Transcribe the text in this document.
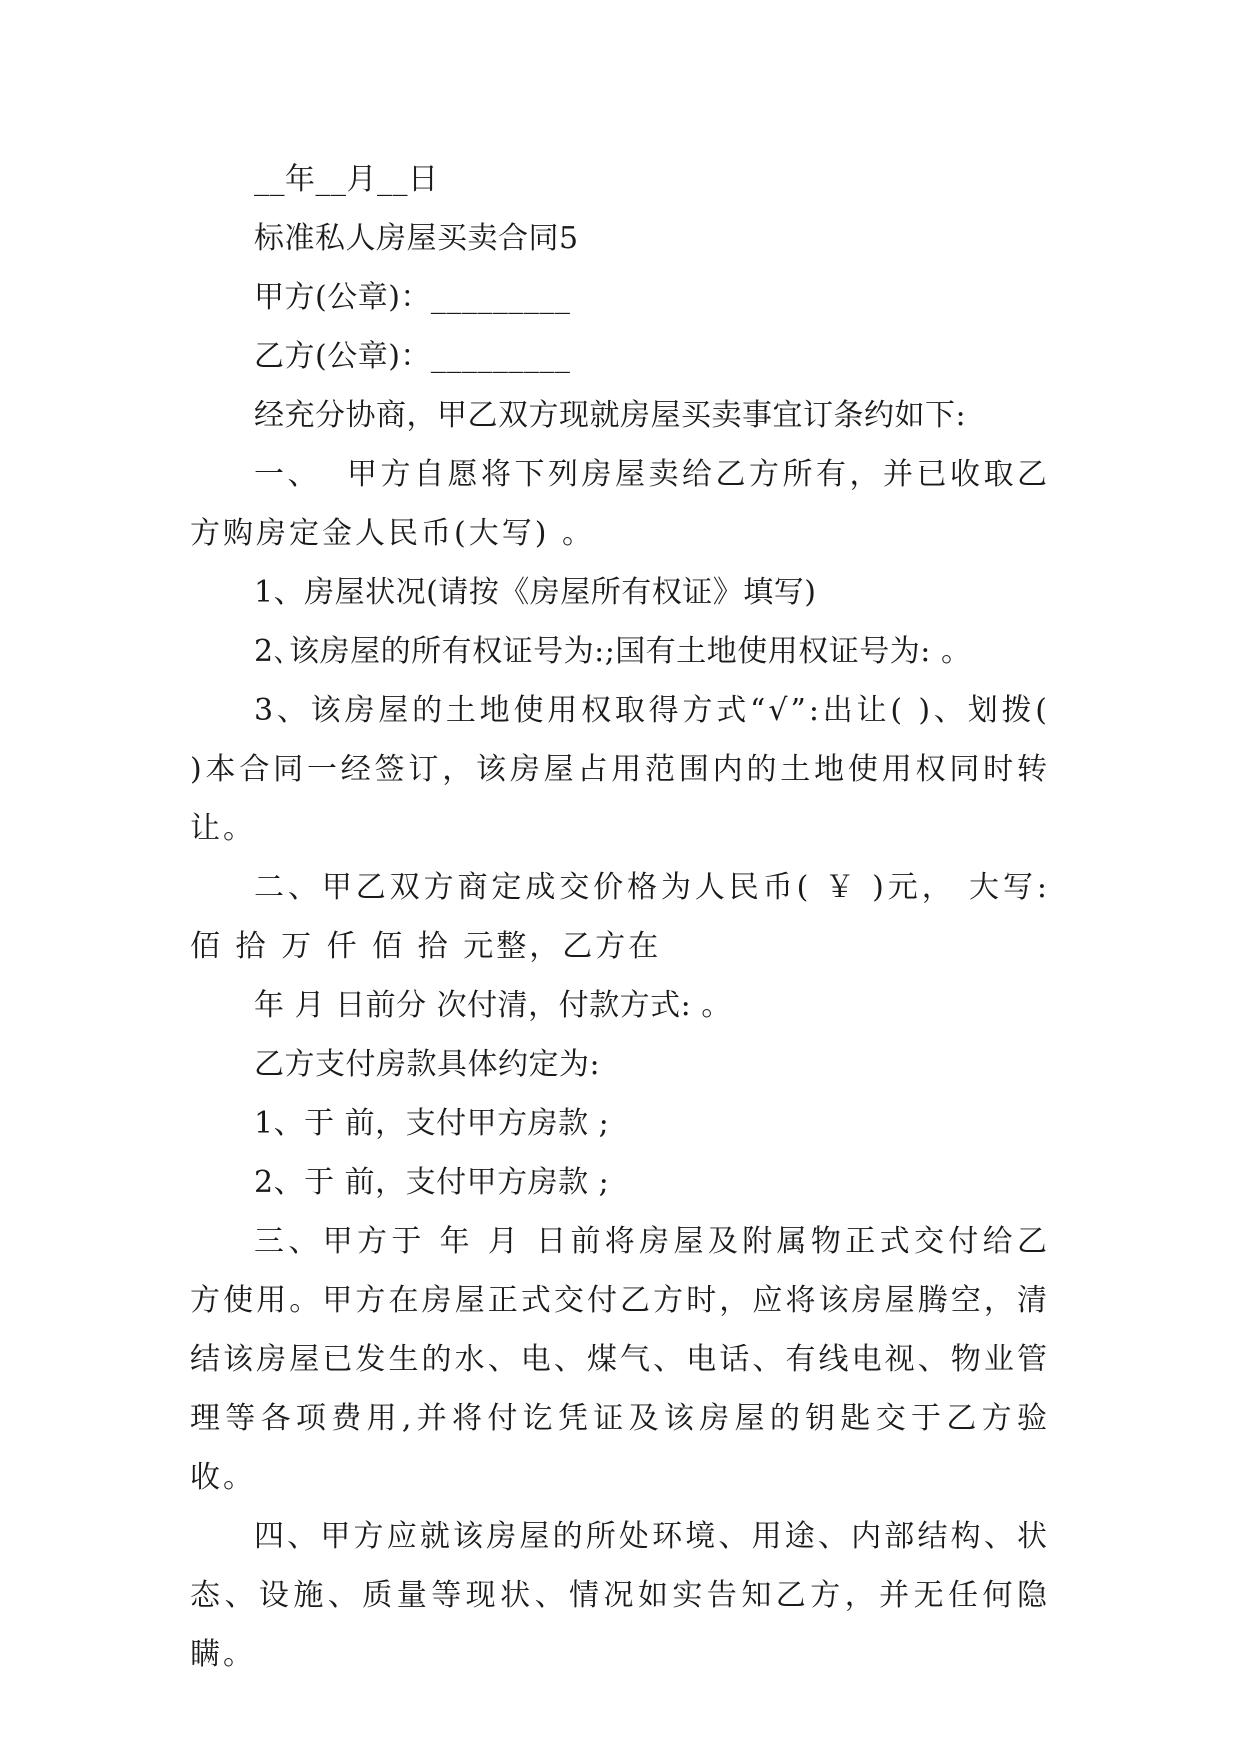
__年__月__日

标准私人房屋买卖合同5

甲方(公章)：_________

乙方(公章)：_________

经充分协商，甲乙双方现就房屋买卖事宜订条约如下:

一、  甲方自愿将下列房屋卖给乙方所有，并已收取乙方购房定金人民币(大写) 。

1、房屋状况(请按《房屋所有权证》填写)

2､该房屋的所有权证号为:;国有土地使用权证号为: 。

3、该房屋的土地使用权取得方式“√”:出让( )、划拨( )本合同一经签订，该房屋占用范围内的土地使用权同时转让。

二、甲乙双方商定成交价格为人民币( ￥ )元， 大写:佰 拾 万 仟 佰 拾 元整，乙方在

年 月 日前分 次付清，付款方式: 。

乙方支付房款具体约定为:

1、于 前，支付甲方房款 ;

2、于 前，支付甲方房款 ;

三、甲方于 年 月 日前将房屋及附属物正式交付给乙方使用。甲方在房屋正式交付乙方时，应将该房屋腾空，清结该房屋已发生的水、电、煤气、电话、有线电视、物业管理等各项费用,并将付讫凭证及该房屋的钥匙交于乙方验收。

四、甲方应就该房屋的所处环境、用途、内部结构、状态、设施、质量等现状、情况如实告知乙方，并无任何隐瞒。
